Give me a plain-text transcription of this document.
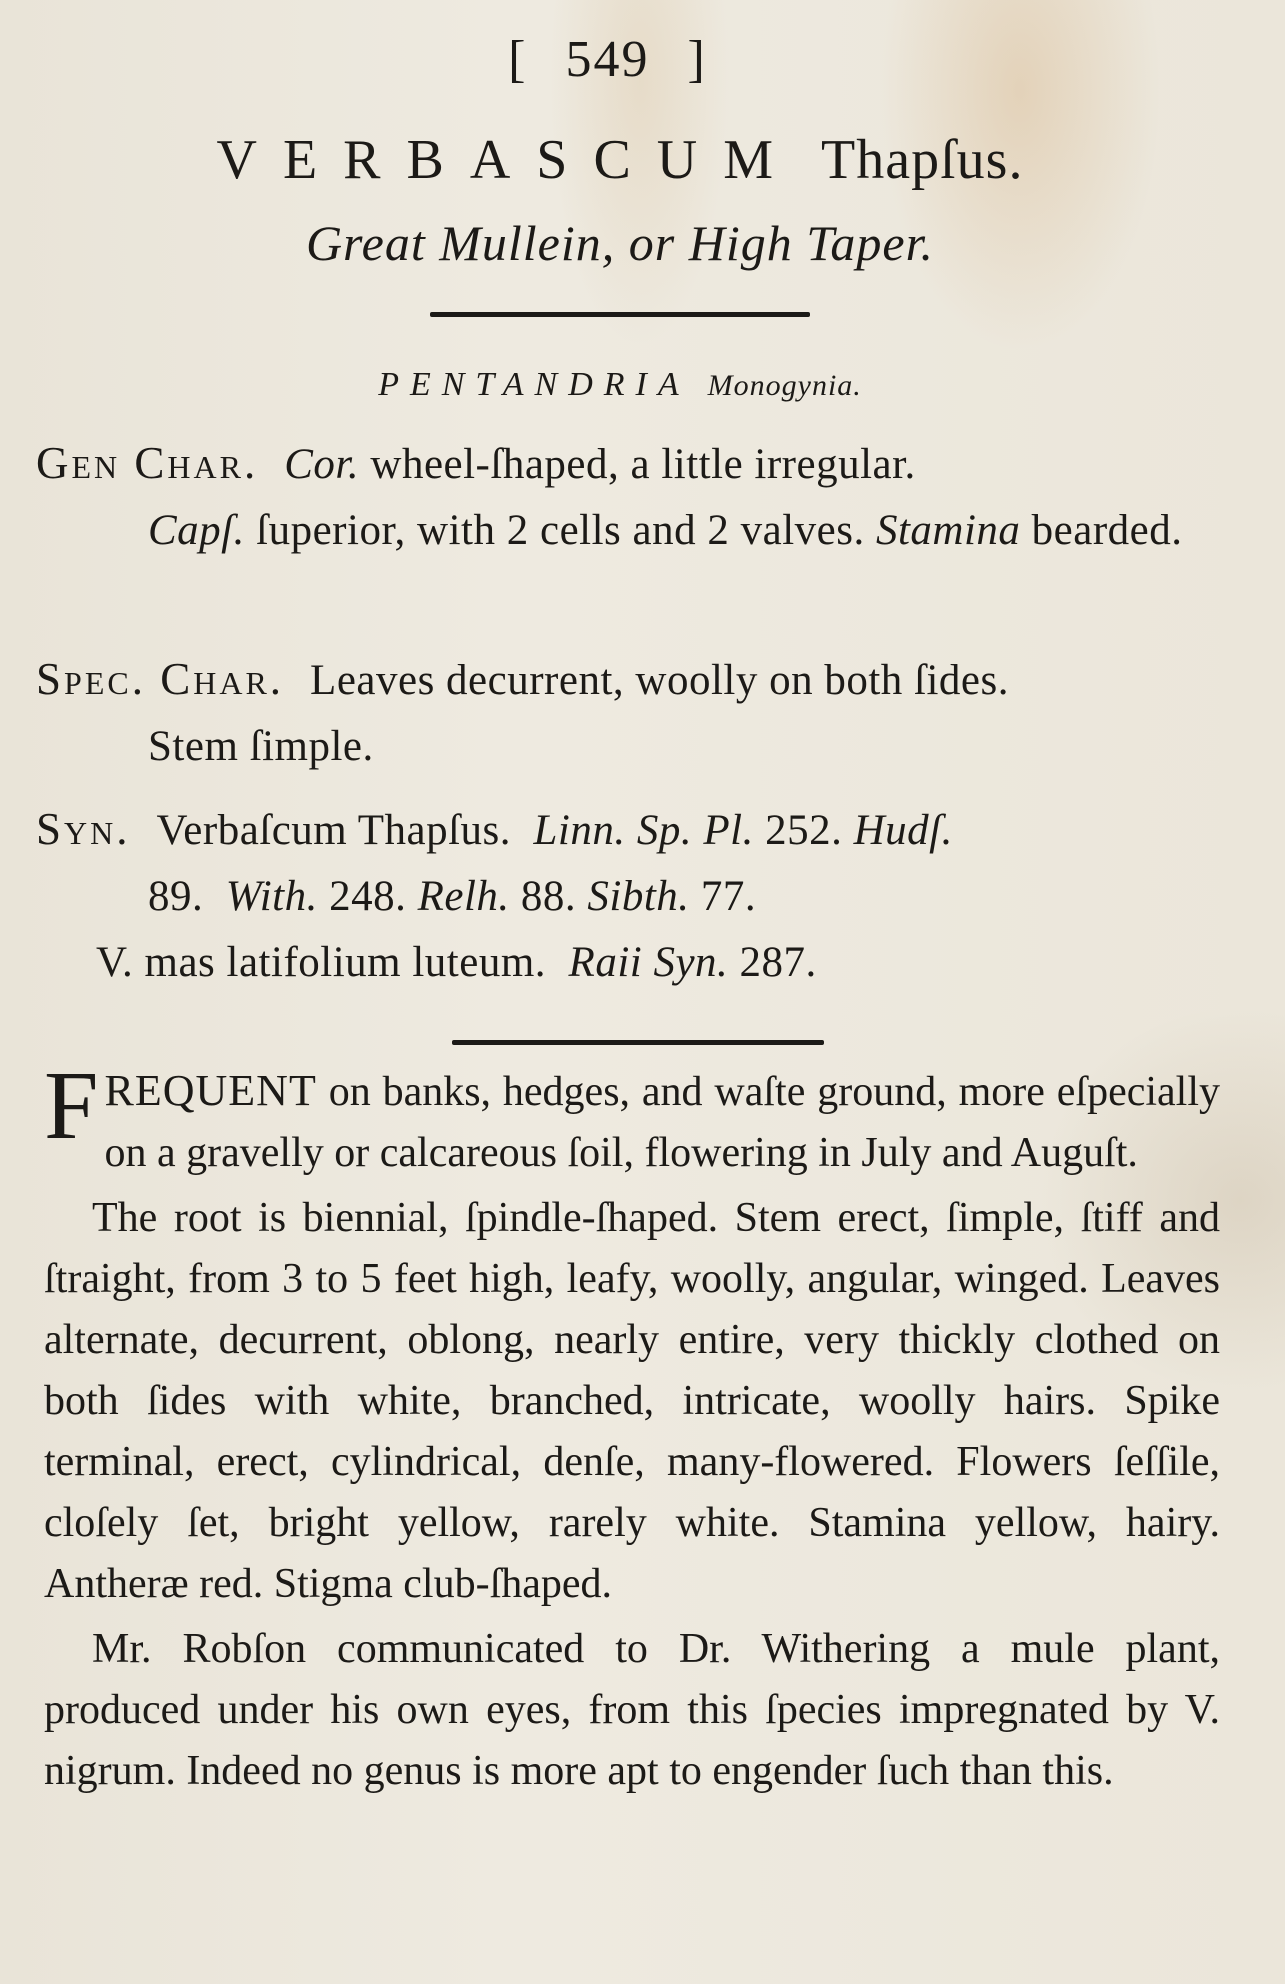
[ 549 ]
VERBASCUM Thapſus.
Great Mullein, or High Taper.
PENTANDRIA Monogynia.
Gen Char. Cor. wheel-ſhaped, a little irregular.
Capſ. ſuperior, with 2 cells and 2 valves. Stamina bearded.
Spec. Char. Leaves decurrent, woolly on both ſides.
Stem ſimple.
Syn. Verbaſcum Thapſus. Linn. Sp. Pl. 252. Hudſ.
89. With. 248. Relh. 88. Sibth. 77.
V. mas latifolium luteum. Raii Syn. 287.

FREQUENT on banks, hedges, and waſte ground, more eſpecially on a gravelly or calcareous ſoil, flowering in July and Auguſt.

The root is biennial, ſpindle-ſhaped. Stem erect, ſimple, ſtiff and ſtraight, from 3 to 5 feet high, leafy, woolly, angular, winged. Leaves alternate, decurrent, oblong, nearly entire, very thickly clothed on both ſides with white, branched, intricate, woolly hairs. Spike terminal, erect, cylindrical, denſe, many-flowered. Flowers ſeſſile, cloſely ſet, bright yellow, rarely white. Stamina yellow, hairy. Antheræ red. Stigma club-ſhaped.

Mr. Robſon communicated to Dr. Withering a mule plant, produced under his own eyes, from this ſpecies impregnated by V. nigrum. Indeed no genus is more apt to engender ſuch than this.
